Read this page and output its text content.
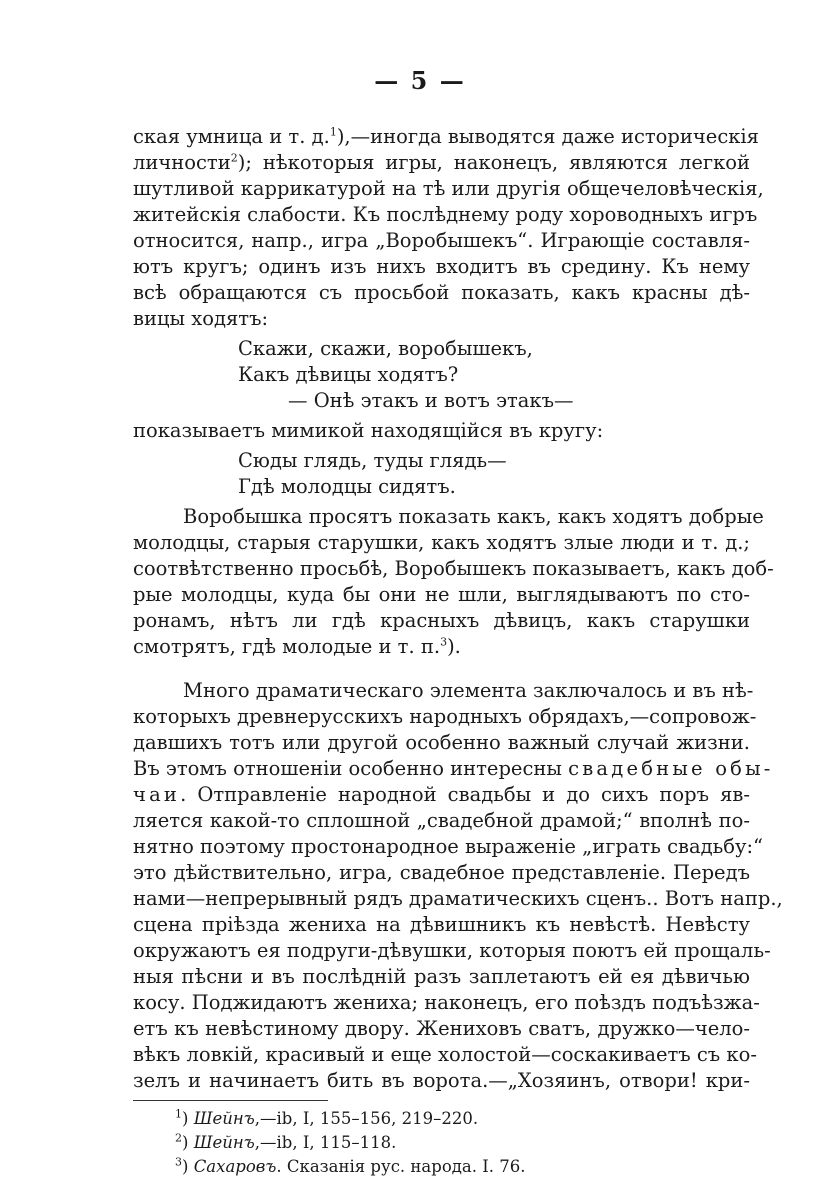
— 5 —
ская умница и т. д.$^1$),—иногда выводятся даже историческія
личности$^2$); нѣкоторыя игры, наконецъ, являются легкой
шутливой каррикатурой на тѣ или другія общечеловѣческія,
житейскія слабости. Къ послѣднему роду хороводныхъ игръ
относится, напр., игра „Воробышекъ“. Играющіе составля-
ютъ кругъ; одинъ изъ нихъ входитъ въ средину. Къ нему
всѣ обращаются съ просьбой показать, какъ красны дѣ-
вицы ходятъ:
Скажи, скажи, воробышекъ,
Какъ дѣвицы ходятъ?
— Онѣ этакъ и вотъ этакъ—
показываетъ мимикой находящійся въ кругу:
Сюды глядь, туды глядь—
Гдѣ молодцы сидятъ.
Воробышка просятъ показать какъ, какъ ходятъ добрые
молодцы, старыя старушки, какъ ходятъ злые люди и т. д.;
соотвѣтственно просьбѣ, Воробышекъ показываетъ, какъ доб-
рые молодцы, куда бы они не шли, выглядываютъ по сто-
ронамъ, нѣтъ ли гдѣ красныхъ дѣвицъ, какъ старушки
смотрятъ, гдѣ молодые и т. п.$^3$).
Много драматическаго элемента заключалось и въ нѣ-
которыхъ древнерусскихъ народныхъ обрядахъ,—сопровож-
давшихъ тотъ или другой особенно важный случай жизни.
Въ этомъ отношеніи особенно интересны свадебные обы-
чаи. Отправленіе народной свадьбы и до сихъ поръ яв-
ляется какой-то сплошной „свадебной драмой;“ вполнѣ по-
нятно поэтому простонародное выраженіе „играть свадьбу:“
это дѣйствительно, игра, свадебное представленіе. Передъ
нами—непрерывный рядъ драматическихъ сценъ.. Вотъ напр.,
сцена пріѣзда жениха на дѣвишникъ къ невѣстѣ. Невѣсту
окружаютъ ея подруги-дѣвушки, которыя поютъ ей прощаль-
ныя пѣсни и въ послѣдній разъ заплетаютъ ей ея дѣвичью
косу. Поджидаютъ жениха; наконецъ, его поѣздъ подъѣзжа-
етъ къ невѣстиному двору. Жениховъ сватъ, дружко—чело-
вѣкъ ловкій, красивый и еще холостой—соскакиваетъ съ ко-
зелъ и начинаетъ бить въ ворота.—„Хозяинъ, отвори! кри-
$^1$) Шейнъ,—ib, I, 155–156, 219–220.
$^2$) Шейнъ,—ib, I, 115–118.
$^3$) Сахаровъ. Сказанія рус. народа. I. 76.
